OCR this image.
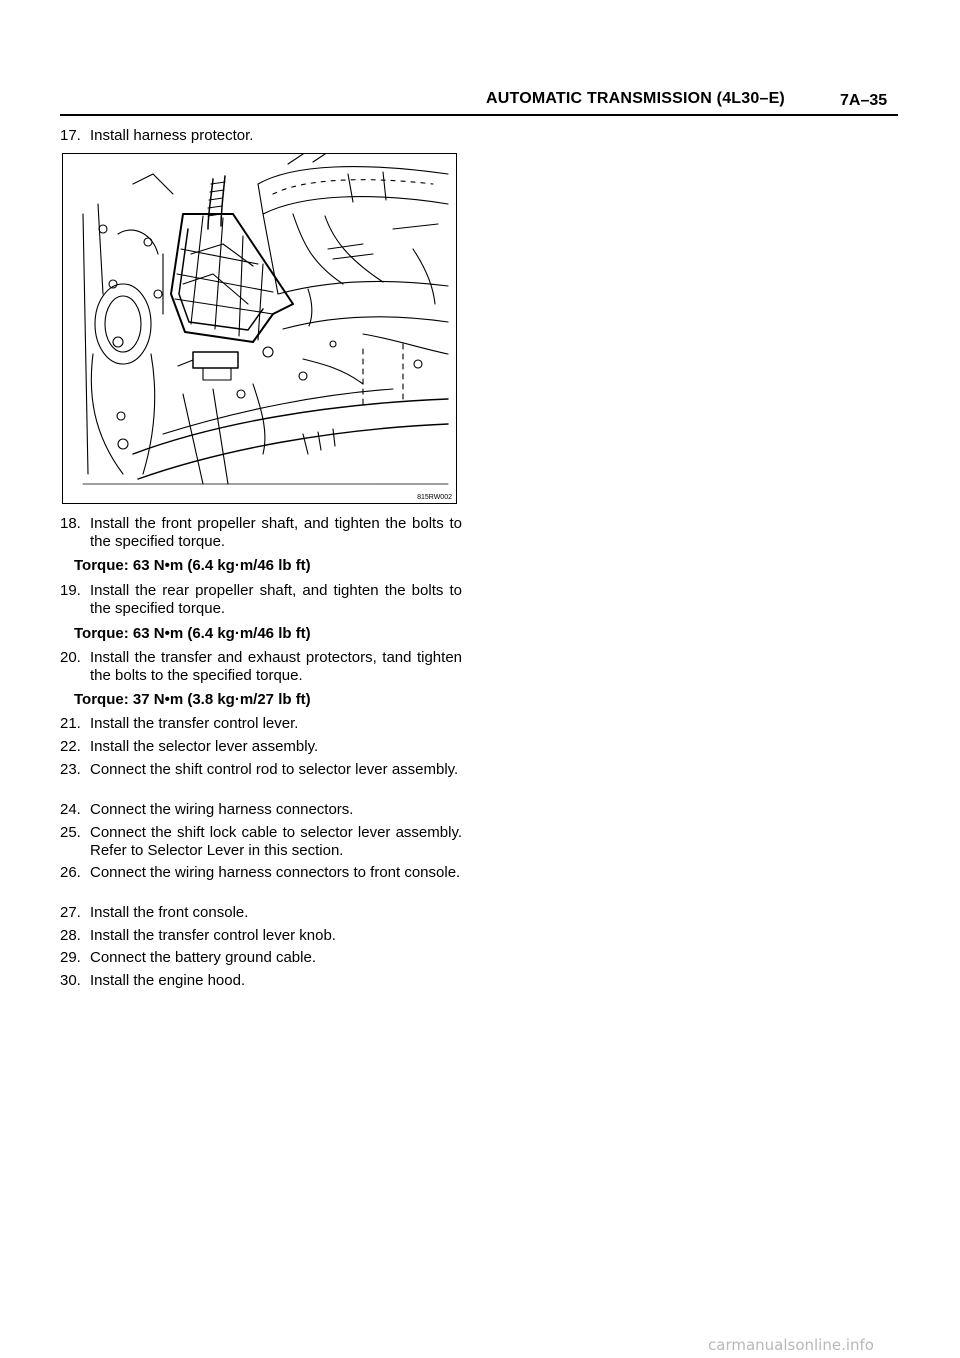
AUTOMATIC TRANSMISSION (4L30–E)	7A–35
17. Install harness protector.
815RW002
18. Install the front propeller shaft, and tighten the bolts to the specified torque.
Torque: 63 N•m (6.4 kg·m/46 lb ft)
19. Install the rear propeller shaft, and tighten the bolts to the specified torque.
Torque: 63 N•m (6.4 kg·m/46 lb ft)
20. Install the transfer and exhaust protectors, tand tighten the bolts to the specified torque.
Torque: 37 N•m (3.8 kg·m/27 lb ft)
21. Install the transfer control lever.
22. Install the selector lever assembly.
23. Connect the shift control rod to selector lever assembly.
24. Connect the wiring harness connectors.
25. Connect the shift lock cable to selector lever assembly. Refer to Selector Lever in this section.
26. Connect the wiring harness connectors to front console.
27. Install the front console.
28. Install the transfer control lever knob.
29. Connect the battery ground cable.
30. Install the engine hood.
carmanualsonline.info
